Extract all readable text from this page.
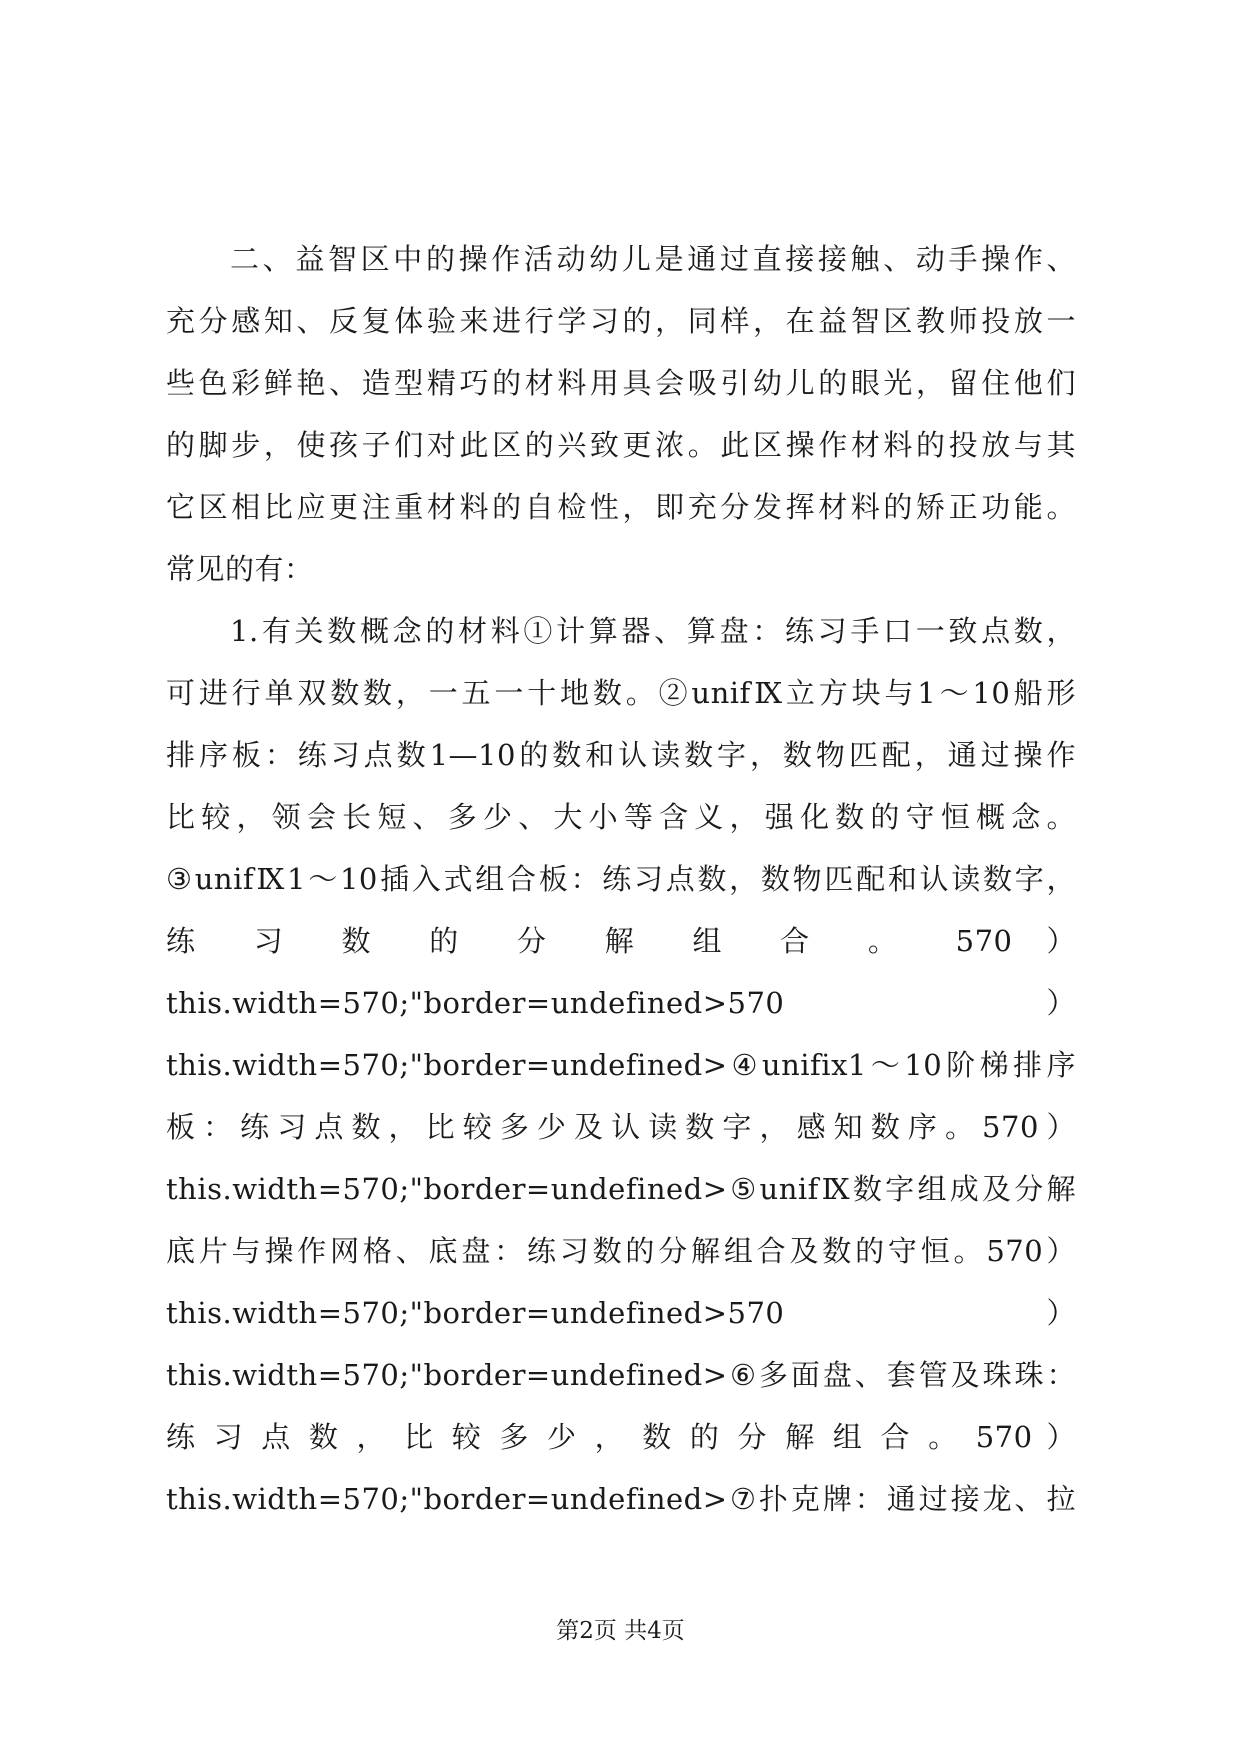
二、益智区中的操作活动幼儿是通过直接接触、动手操作、
充分感知、反复体验来进行学习的，同样，在益智区教师投放一
些色彩鲜艳、造型精巧的材料用具会吸引幼儿的眼光，留住他们
的脚步，使孩子们对此区的兴致更浓。此区操作材料的投放与其
它区相比应更注重材料的自检性，即充分发挥材料的矫正功能。
常见的有：
1.有关数概念的材料①计算器、算盘：练习手口一致点数，
可进行单双数数，一五一十地数。②unifⅨ立方块与1～10船形
排序板：练习点数1—10的数和认读数字，数物匹配，通过操作
比较，领会长短、多少、大小等含义，强化数的守恒概念。
③unifⅨ1～10插入式组合板：练习点数，数物匹配和认读数字，
练 习 数 的 分 解 组 合 。 570 ）
this.width=570;"border=undefined>570 ）
this.width=570;"border=undefined>④unifix1～10阶梯排序
板：练习点数，比较多少及认读数字，感知数序。570）
this.width=570;"border=undefined>⑤unifⅨ数字组成及分解
底片与操作网格、底盘：练习数的分解组合及数的守恒。570）
this.width=570;"border=undefined>570 ）
this.width=570;"border=undefined>⑥多面盘、套管及珠珠：
练 习 点 数 ， 比 较 多 少 ， 数 的 分 解 组 合 。 570 ）
this.width=570;"border=undefined>⑦扑克牌：通过接龙、拉
第2页 共4页
